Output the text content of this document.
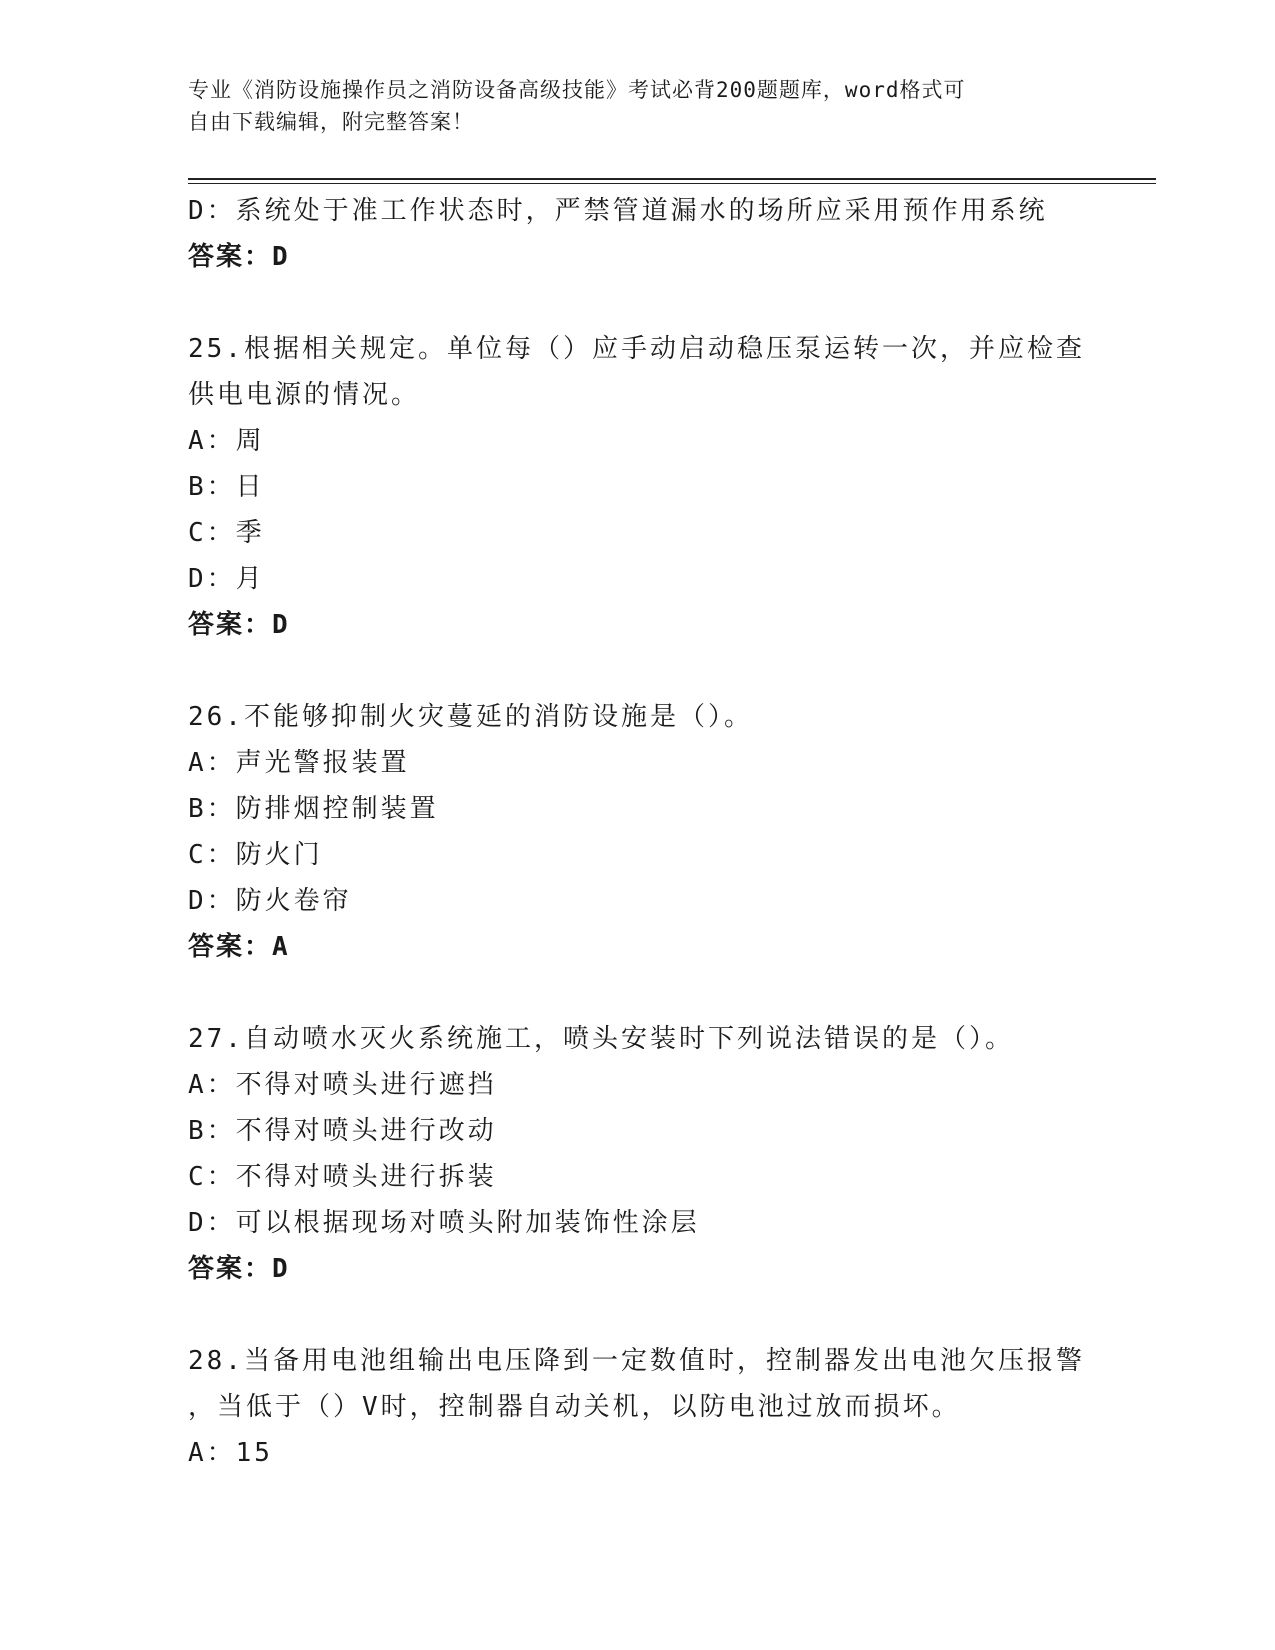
专业《消防设施操作员之消防设备高级技能》考试必背200题题库，word格式可
自由下载编辑，附完整答案！
D：系统处于准工作状态时，严禁管道漏水的场所应采用预作用系统
答案：D
25.根据相关规定。单位每（）应手动启动稳压泵运转一次，并应检查
供电电源的情况。
A：周
B：日
C：季
D：月
答案：D
26.不能够抑制火灾蔓延的消防设施是（）。
A：声光警报装置
B：防排烟控制装置
C：防火门
D：防火卷帘
答案：A
27.自动喷水灭火系统施工，喷头安装时下列说法错误的是（）。
A：不得对喷头进行遮挡
B：不得对喷头进行改动
C：不得对喷头进行拆装
D：可以根据现场对喷头附加装饰性涂层
答案：D
28.当备用电池组输出电压降到一定数值时，控制器发出电池欠压报警
，当低于（）V时，控制器自动关机，以防电池过放而损坏。
A：15
